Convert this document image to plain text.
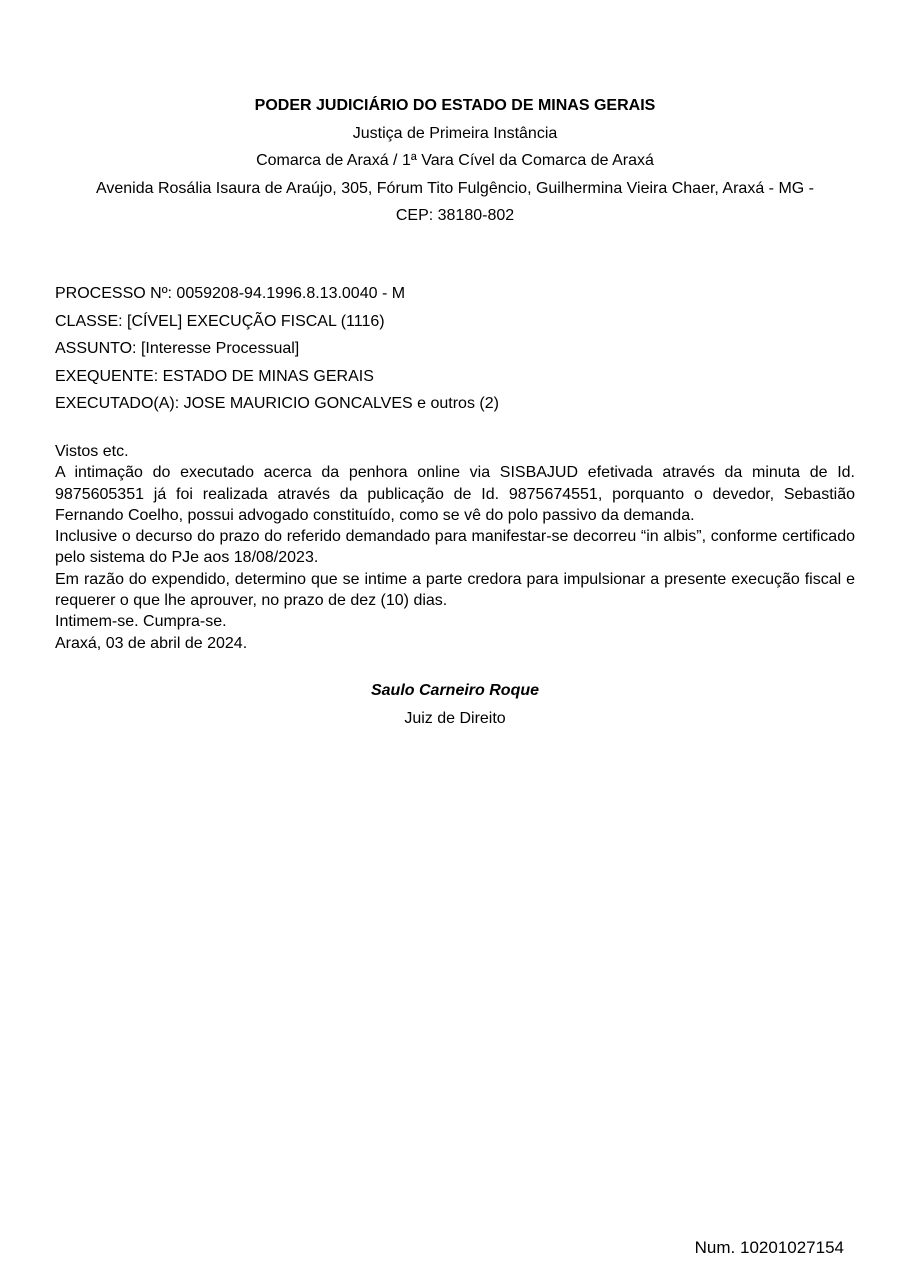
PODER JUDICIÁRIO DO ESTADO DE MINAS GERAIS
Justiça de Primeira Instância
Comarca de Araxá / 1ª Vara Cível da Comarca de Araxá
Avenida Rosália Isaura de Araújo, 305, Fórum Tito Fulgêncio, Guilhermina Vieira Chaer, Araxá - MG -
CEP: 38180-802
PROCESSO Nº: 0059208-94.1996.8.13.0040 - M
CLASSE: [CÍVEL] EXECUÇÃO FISCAL (1116)
ASSUNTO: [Interesse Processual]
EXEQUENTE: ESTADO DE MINAS GERAIS
EXECUTADO(A): JOSE MAURICIO GONCALVES e outros (2)

Vistos etc.

A intimação do executado acerca da penhora online via SISBAJUD efetivada através da minuta de Id. 9875605351 já foi realizada através da publicação de Id. 9875674551, porquanto o devedor, Sebastião Fernando Coelho, possui advogado constituído, como se vê do polo passivo da demanda.

Inclusive o decurso do prazo do referido demandado para manifestar-se decorreu “in albis”, conforme certificado pelo sistema do PJe aos 18/08/2023.

Em razão do expendido, determino que se intime a parte credora para impulsionar a presente execução fiscal e requerer o que lhe aprouver, no prazo de dez (10) dias.

Intimem-se. Cumpra-se.

Araxá, 03 de abril de 2024.

Saulo Carneiro Roque
Juiz de Direito
Num. 10201027154
